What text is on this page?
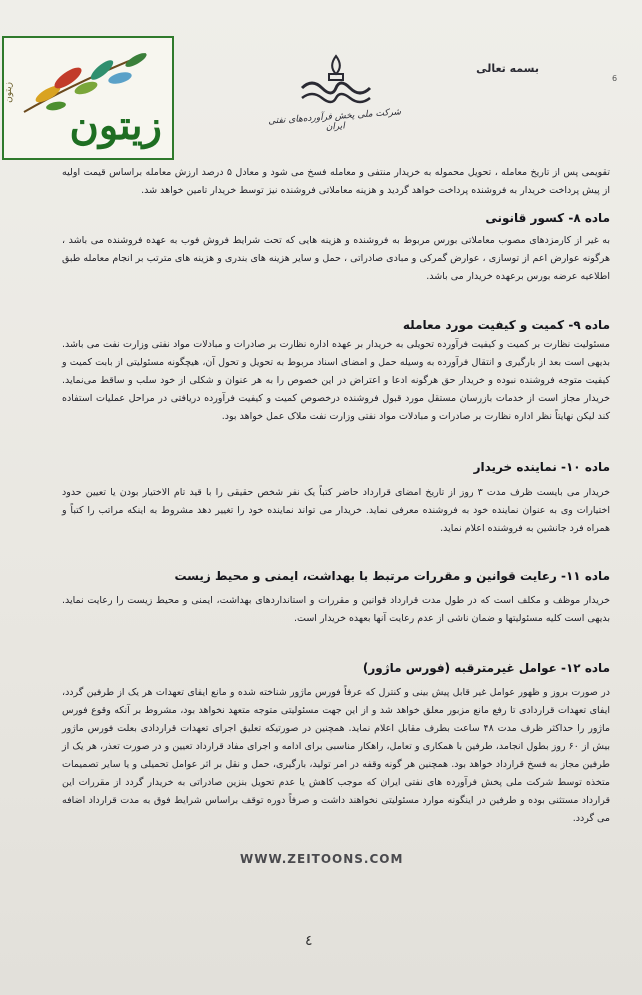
زیتون
زیتون
بسمه تعالی
6
شرکت ملی پخش فرآورده‌های نفتی ایران

تقویمی پس از تاریخ معامله ، تحویل محموله به خریدار منتفی و معامله فسخ می شود و معادل ۵ درصد ارزش معامله براساس قیمت اولیه از پیش پرداخت خریدار به فروشنده پرداخت خواهد گردید و هزینه معاملاتی فروشنده نیز توسط خریدار تامین خواهد شد.

ماده ۸- کسور قانونی

به غیر از کارمزدهای مصوب معاملاتی بورس مربوط به فروشنده و هزینه هایی که تحت شرایط فروش فوب به عهده فروشنده می باشد ، هرگونه عوارض اعم از توسازی ، عوارض گمرکی و مبادی صادراتی ، حمل و سایر هزینه های بندری و هزینه های مترتب بر انجام معامله طبق اطلاعیه عرضه بورس برعهده خریدار می باشد.

ماده ۹- کمیت و کیفیت مورد معامله

مسئولیت نظارت بر کمیت و کیفیت فرآورده تحویلی به خریدار بر عهده اداره نظارت بر صادرات و مبادلات مواد نفتی وزارت نفت می باشد. بدیهی است بعد از بارگیری و انتقال فرآورده به وسیله حمل و امضای اسناد مربوط به تحویل و تحول آن، هیچگونه مسئولیتی از بابت کمیت و کیفیت متوجه فروشنده نبوده و خریدار حق هرگونه ادعا و اعتراض در این خصوص را به هر عنوان و شکلی از خود سلب و ساقط می‌نماید. خریدار مجاز است از خدمات بازرسان مستقل مورد قبول فروشنده درخصوص کمیت و کیفیت فرآورده دریافتی در مراحل عملیات استفاده کند لیکن نهایتاً نظر اداره نظارت بر صادرات و مبادلات مواد نفتی وزارت نفت ملاک عمل خواهد بود.

ماده ۱۰- نماینده خریدار

خریدار می بایست ظرف مدت ۳ روز از تاریخ امضای قرارداد حاضر کتباً یک نفر شخص حقیقی را با قید تام الاختیار بودن یا تعیین حدود اختیارات وی به عنوان نماینده خود به فروشنده معرفی نماید. خریدار می تواند نماینده خود را تغییر دهد مشروط به اینکه مراتب را کتباً و همراه فرد جانشین به فروشنده اعلام نماید.

ماده ۱۱- رعایت قوانین و مقررات مرتبط با بهداشت، ایمنی و محیط زیست

خریدار موظف و مکلف است که در طول مدت قرارداد قوانین و مقررات و استانداردهای بهداشت، ایمنی و محیط زیست را رعایت نماید. بدیهی است کلیه مسئولیتها و ضمان ناشی از عدم رعایت آنها بعهده خریدار است.

ماده ۱۲- عوامل غیرمترقبه (فورس ماژور)

در صورت بروز و ظهور عوامل غیر قابل پیش بینی و کنترل که عرفاً فورس ماژور شناخته شده و مانع ایفای تعهدات هر یک از طرفین گردد، ایفای تعهدات قراردادی تا رفع مانع مزبور معلق خواهد شد و از این جهت مسئولیتی متوجه متعهد نخواهد بود، مشروط بر آنکه وقوع فورس ماژور را حداکثر ظرف مدت ۴۸ ساعت بطرف مقابل اعلام نماید. همچنین در صورتیکه تعلیق اجرای تعهدات قراردادی بعلت فورس ماژور بیش از ۶۰ روز بطول انجامد، طرفین با همکاری و تعامل، راهکار مناسبی برای ادامه و اجرای مفاد قرارداد تعیین و در صورت تعذر، هر یک از طرفین مجاز به فسخ قرارداد خواهد بود. همچنین هر گونه وقفه در امر تولید، بارگیری، حمل و نقل بر اثر عوامل تحمیلی و یا سایر تصمیمات متخذه توسط شرکت ملی پخش فرآورده های نفتی ایران که موجب کاهش یا عدم تحویل بنزین صادراتی به خریدار گردد از مقررات این قرارداد مستثنی بوده و طرفین در اینگونه موارد مسئولیتی نخواهند داشت و صرفاً دوره توقف براساس شرایط فوق به مدت قرارداد اضافه می گردد.

WWW.ZEITOONS.COM
٤
